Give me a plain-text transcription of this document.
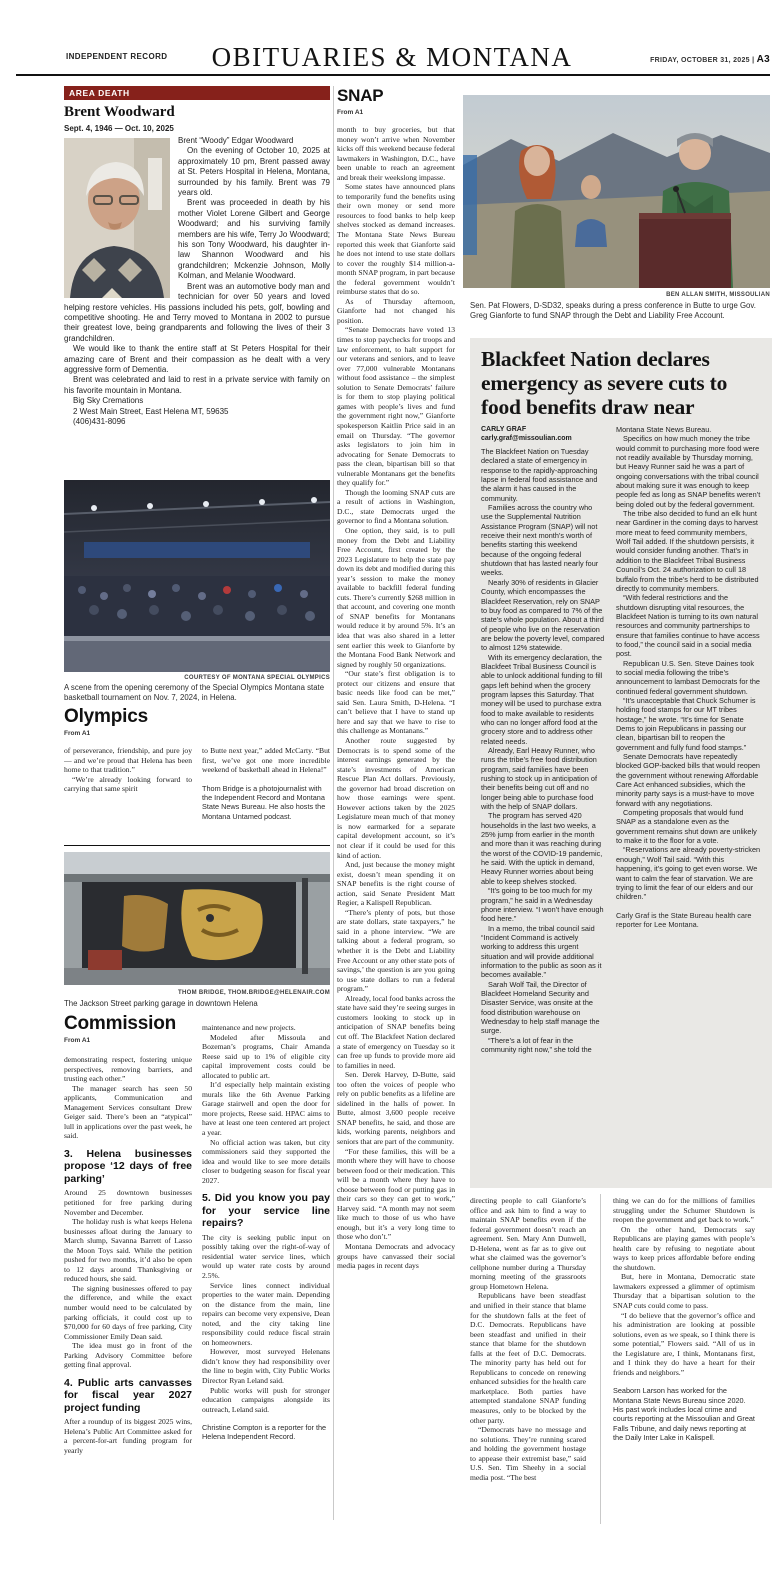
INDEPENDENT RECORD	OBITUARIES & MONTANA	FRIDAY, OCTOBER 31, 2025 | A3
AREA DEATH
Brent Woodward
Sept. 4, 1946 — Oct. 10, 2025

Brent “Woody” Edgar Woodward

On the evening of October 10, 2025 at approximately 10 pm, Brent passed away at St. Peters Hospital in Helena, Montana, surrounded by his family. Brent was 79 years old.

Brent was proceeded in death by his mother Violet Lorene Gilbert and George Woodward; and his surviving family members are his wife, Terry Jo Woodward; his son Tony Woodward, his daughter in-law Shannon Woodward and his grandchildren; Mckenzie Johnson, Molly Kolman, and Melanie Woodward.

Brent was an automotive body man and technician for over 50 years and loved helping restore vehicles. His passions included his pets, golf, bowling and competitive shooting. He and Terry moved to Montana in 2002 to pursue their greatest love, being grandparents and following the lives of their 3 grandchildren.

We would like to thank the entire staff at St Peters Hospital for their amazing care of Brent and their compassion as he dealt with a very aggressive form of Dementia.

Brent was celebrated and laid to rest in a private service with family on his favorite mountain in Montana.

Big Sky Cremations

2 West Main Street, East Helena MT, 59635

(406)431-8096

COURTESY OF MONTANA SPECIAL OLYMPICS
A scene from the opening ceremony of the Special Olympics Montana state basketball tournament on Nov. 7, 2024, in Helena.
Olympics
From A1

of perseverance, friendship, and pure joy — and we’re proud that Helena has been home to that tradition.”

“We’re already looking forward to carrying that same spirit

to Butte next year,” added McCarty. “But first, we’ve got one more incredible weekend of basketball ahead in Helena!”

Thom Bridge is a photojournalist with the Independent Record and Montana State News Bureau. He also hosts the Montana Untamed podcast.
THOM BRIDGE, THOM.BRIDGE@HELENAIR.COM
The Jackson Street parking garage in downtown Helena
Commission
From A1

demonstrating respect, fostering unique perspectives, removing barriers, and trusting each other.”

The manager search has seen 50 applicants, Communication and Management Services consultant Drew Geiger said. There’s been an “atypical” lull in applications over the past week, he said.

3. Helena businesses propose ‘12 days of free parking’

Around 25 downtown businesses petitioned for free parking during November and December.

The holiday rush is what keeps Helena businesses afloat during the January to March slump, Savanna Barrett of Lasso the Moon Toys said. While the petition pushed for two months, it’d also be open to 12 days around Thanksgiving or reduced hours, she said.

The signing businesses offered to pay the difference, and while the exact number would need to be calculated by parking officials, it could cost up to $70,000 for 60 days of free parking, City Commissioner Emily Dean said.

The idea must go in front of the Parking Advisory Committee before getting final approval.

4. Public arts canvasses for fiscal year 2027 project funding

After a roundup of its biggest 2025 wins, Helena’s Public Art Committee asked for a percent-for-art funding program for yearly

maintenance and new projects.

Modeled after Missoula and Bozeman’s programs, Chair Amanda Reese said up to 1% of eligible city capital improvement costs could be allocated to public art.

It’d especially help maintain existing murals like the 6th Avenue Parking Garage stairwell and open the door for more projects, Reese said. HPAC aims to have at least one teen centered art project a year.

No official action was taken, but city commissioners said they supported the idea and would like to see more details closer to budgeting season for fiscal year 2027.

5. Did you know you pay for your service line repairs?

The city is seeking public input on possibly taking over the right-of-way of residential water service lines, which would up water rate costs by around 2.5%.

Service lines connect individual properties to the water main. Depending on the distance from the main, line repairs can become very expensive, Dean noted, and the city taking line responsibility could reduce fiscal strain on homeowners.

However, most surveyed Helenans didn’t know they had responsibility over the line to begin with, City Public Works Director Ryan Leland said.

Public works will push for stronger education campaigns alongside its outreach, Leland said.

Christine Compton is a reporter for the Helena Independent Record.
SNAP
From A1

month to buy groceries, but that money won’t arrive when November kicks off this weekend because federal lawmakers in Washington, D.C., have been unable to reach an agreement and break their weekslong impasse.

Some states have announced plans to temporarily fund the benefits using their own money or send more resources to food banks to help keep shelves stocked as demand increases. The Montana State News Bureau reported this week that Gianforte said he does not intend to use state dollars to cover the roughly $14 million-a-month SNAP program, in part because the federal government wouldn’t reimburse states that do so.

As of Thursday afternoon, Gianforte had not changed his position.

“Senate Democrats have voted 13 times to stop paychecks for troops and law enforcement, to halt support for our veterans and seniors, and to leave over 77,000 vulnerable Montanans without food assistance – the simplest solution to Senate Democrats’ failure is for them to stop playing political games with people’s lives and fund the government right now,” Gianforte spokesperson Kaitlin Price said in an email on Thursday. “The governor asks legislators to join him in advocating for Senate Democrats to pass the clean, bipartisan bill so that vulnerable Montanans get the benefits they qualify for.”

Though the looming SNAP cuts are a result of actions in Washington, D.C., state Democrats urged the governor to find a Montana solution.

One option, they said, is to pull money from the Debt and Liability Free Account, first created by the 2023 Legislature to help the state pay down its debt and modified during this year’s session to make the money available to backfill federal funding cuts. There’s currently $268 million in that account, and covering one month of SNAP benefits for Montanans would reduce it by around 5%. It’s an idea that was also shared in a letter sent earlier this week to Gianforte by the Montana Food Bank Network and signed by roughly 50 organizations.

“Our state’s first obligation is to protect our citizens and ensure that basic needs like food can be met,” said Sen. Laura Smith, D-Helena. “I can’t believe that I have to stand up here and say that we have to rise to this challenge as Montanans.”

Another route suggested by Democrats is to spend some of the interest earnings generated by the state’s investments of American Rescue Plan Act dollars. Previously, the governor had broad discretion on how those earnings were spent. However actions taken by the 2025 Legislature mean much of that money is now earmarked for a separate capital development account, so it’s not clear if it could be used for this kind of action.

And, just because the money might exist, doesn’t mean spending it on SNAP benefits is the right course of action, said Senate President Matt Regier, a Kalispell Republican.

“There’s plenty of pots, but those are state dollars, state taxpayers,” he said in a phone interview. “We are talking about a federal program, so whether it is the Debt and Liability Free Account or any other state pots of savings,’ the question is are you going to use state dollars to run a federal program.”

Already, local food banks across the state have said they’re seeing surges in customers looking to stock up in anticipation of SNAP benefits being cut off. The Blackfeet Nation declared a state of emergency on Tuesday so it can free up funds to provide more aid to families in need.

Sen. Derek Harvey, D-Butte, said too often the voices of people who rely on public benefits as a lifeline are sidelined in the halls of power. In Butte, almost 3,600 people receive SNAP benefits, he said, and those are kids, working parents, neighbors and seniors that are part of the community.

“For these families, this will be a month where they will have to choose between food or their medication. This will be a month where they have to choose between food or putting gas in their cars so they can get to work,” Harvey said. “A month may not seem like much to those of us who have enough, but it’s a very long time to those who don’t.”

Montana Democrats and advocacy groups have canvassed their social media pages in recent days

BEN ALLAN SMITH, MISSOULIAN
Sen. Pat Flowers, D-SD32, speaks during a press conference in Butte to urge Gov. Greg Gianforte to fund SNAP through the Debt and Liability Free Account.
Blackfeet Nation declares emergency as severe cuts to food benefits draw near
CARLY GRAF
carly.graf@missoulian.com

The Blackfeet Nation on Tuesday declared a state of emergency in response to the rapidly-approaching lapse in federal food assistance and the alarm it has caused in the community.

Families across the country who use the Supplemental Nutrition Assistance Program (SNAP) will not receive their next month’s worth of benefits starting this weekend because of the ongoing federal shutdown that has lasted nearly four weeks.

Nearly 30% of residents in Glacier County, which encompasses the Blackfeet Reservation, rely on SNAP to buy food as compared to 7% of the state’s whole population. About a third of people who live on the reservation are below the poverty level, compared to almost 12% statewide.

With its emergency declaration, the Blackfeet Tribal Business Council is able to unlock additional funding to fill gaps left behind when the grocery program lapses this Saturday. That money will be used to purchase extra food to make available to residents who can no longer afford food at the grocery store and to address other related needs.

Already, Earl Heavy Runner, who runs the tribe’s free food distribution program, said families have been rushing to stock up in anticipation of their benefits being cut off and no longer being able to purchase food with the help of SNAP dollars.

The program has served 420 households in the last two weeks, a 25% jump from earlier in the month and more than it was reaching during the worst of the COVID-19 pandemic, he said. With the uptick in demand, Heavy Runner worries about being able to keep shelves stocked.

“It’s going to be too much for my program,” he said in a Wednesday phone interview. “I won’t have enough food here.”

In a memo, the tribal council said “Incident Command is actively working to address this urgent situation and will provide additional information to the public as soon as it becomes available.”

Sarah Wolf Tail, the Director of Blackfeet Homeland Security and Disaster Service, was onsite at the food distribution warehouse on Wednesday to help staff manage the surge.

“There’s a lot of fear in the community right now,” she told the

Montana State News Bureau.

Specifics on how much money the tribe would commit to purchasing more food were not readily available by Thursday morning, but Heavy Runner said he was a part of ongoing conversations with the tribal council about making sure it was enough to keep people fed as long as SNAP benefits weren’t being doled out by the federal government.

The tribe also decided to fund an elk hunt near Gardiner in the coming days to harvest more meat to feed community members, Wolf Tail added. If the shutdown persists, it would consider funding another. That’s in addition to the Blackfeet Tribal Business Council’s Oct. 24 authorization to cull 18 buffalo from the tribe’s herd to be distributed directly to community members.

“With federal restrictions and the shutdown disrupting vital resources, the Blackfeet Nation is turning to its own natural resources and community partnerships to ensure that families continue to have access to food,” the council said in a social media post.

Republican U.S. Sen. Steve Daines took to social media following the tribe’s announcement to lambast Democrats for the continued federal government shutdown.

“It’s unacceptable that Chuck Schumer is holding food stamps for our MT tribes hostage,” he wrote. “It’s time for Senate Dems to join Republicans in passing our clean, bipartisan bill to reopen the government and fully fund food stamps.”

Senate Democrats have repeatedly blocked GOP-backed bills that would reopen the government without renewing Affordable Care Act enhanced subsidies, which the minority party says is a must-have to move forward with any negotiations.

Competing proposals that would fund SNAP as a standalone even as the government remains shut down are unlikely to make it to the floor for a vote.

“Reservations are already poverty-stricken enough,” Wolf Tail said. “With this happening, it’s going to get even worse. We want to calm the fear of starvation. We are trying to limit the fear of our elders and our children.”

Carly Graf is the State Bureau health care reporter for Lee Montana.

directing people to call Gianforte’s office and ask him to find a way to maintain SNAP benefits even if the federal government doesn’t reach an agreement. Sen. Mary Ann Dunwell, D-Helena, went as far as to give out what she claimed was the governor’s cellphone number during a Thursday morning meeting of the grassroots group Hometown Helena.

Republicans have been steadfast and unified in their stance that blame for the shutdown falls at the feet of D.C. Democrats. Republicans have been steadfast and unified in their stance that blame for the shutdown falls at the feet of D.C. Democrats. The minority party has held out for Republicans to concede on renewing enhanced subsidies for the health care marketplace. Both parties have attempted standalone SNAP funding measures, only to be blocked by the other party.

“Democrats have no message and no solutions. They’re running scared and holding the government hostage to appease their extremist base,” said U.S. Sen. Tim Sheehy in a social media post. “The best

thing we can do for the millions of families struggling under the Schumer Shutdown is reopen the government and get back to work.”

On the other hand, Democrats say Republicans are playing games with people’s health care by refusing to negotiate about ways to keep prices affordable before ending the shutdown.

But, here in Montana, Democratic state lawmakers expressed a glimmer of optimism Thursday that a bipartisan solution to the SNAP cuts could come to pass.

“I do believe that the governor’s office and his administration are looking at possible solutions, even as we speak, so I think there is some potential,” Flowers said. “All of us in the Legislature are, I think, Montanans first, and I think they do have a heart for their friends and neighbors.”

Seaborn Larson has worked for the Montana State News Bureau since 2020. His past work includes local crime and courts reporting at the Missoulian and Great Falls Tribune, and daily news reporting at the Daily Inter Lake in Kalispell.
